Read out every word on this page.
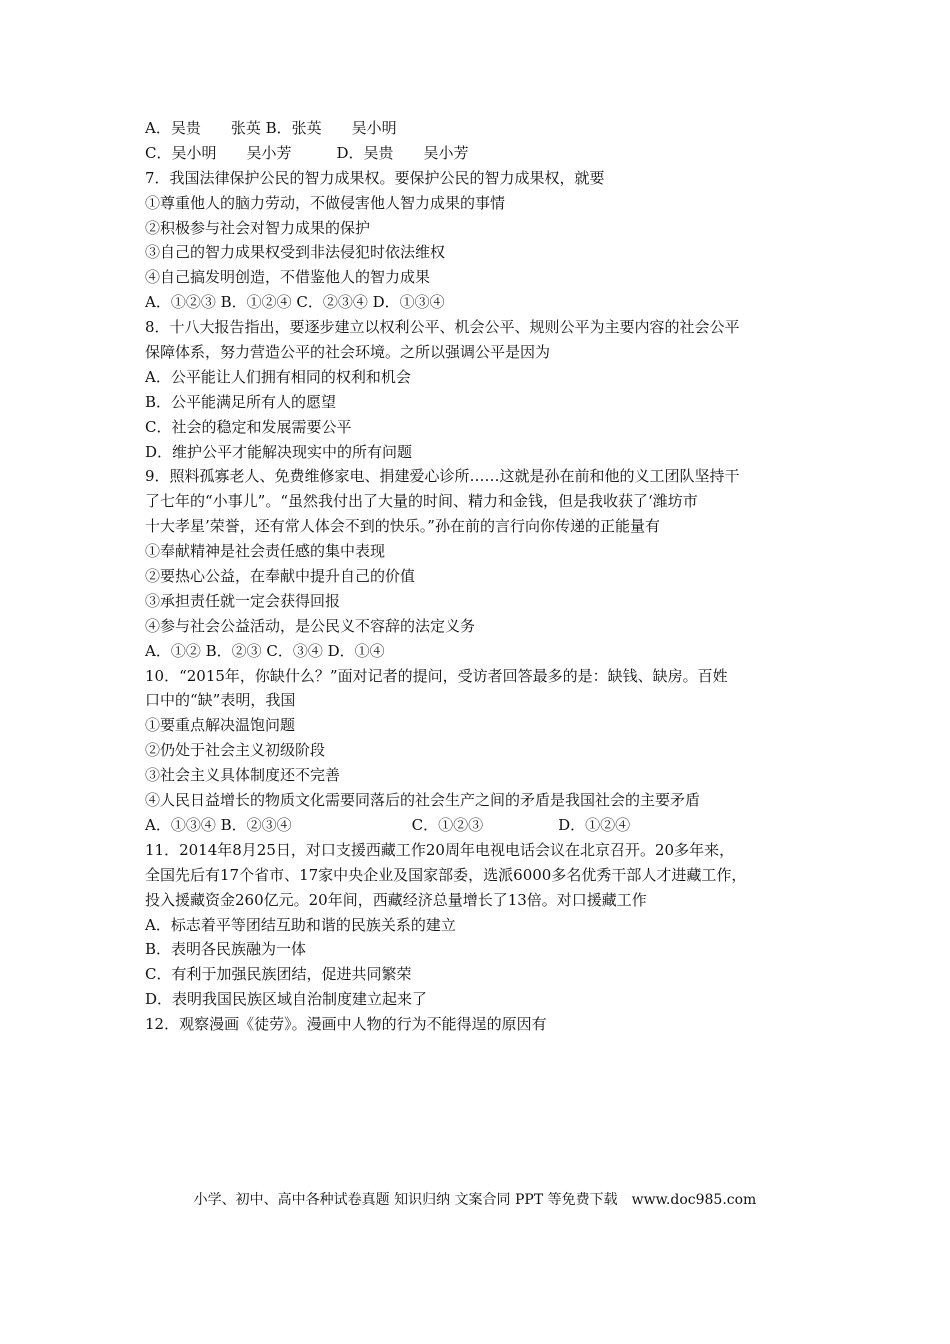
A．吴贵　　张英 B．张英　　吴小明
C．吴小明　　吴小芳　　　D．吴贵　　吴小芳
7．我国法律保护公民的智力成果权。要保护公民的智力成果权，就要
①尊重他人的脑力劳动，不做侵害他人智力成果的事情
②积极参与社会对智力成果的保护
③自己的智力成果权受到非法侵犯时依法维权
④自己搞发明创造，不借鉴他人的智力成果
A．①②③ B．①②④ C．②③④ D．①③④
8．十八大报告指出，要逐步建立以权利公平、机会公平、规则公平为主要内容的社会公平
保障体系，努力营造公平的社会环境。之所以强调公平是因为
A．公平能让人们拥有相同的权利和机会
B．公平能满足所有人的愿望
C．社会的稳定和发展需要公平
D．维护公平才能解决现实中的所有问题
9．照料孤寡老人、免费维修家电、捐建爱心诊所……这就是孙在前和他的义工团队坚持干
了七年的“小事儿”。“虽然我付出了大量的时间、精力和金钱，但是我收获了‘潍坊市
十大孝星’荣誉，还有常人体会不到的快乐。”孙在前的言行向你传递的正能量有
①奉献精神是社会责任感的集中表现
②要热心公益，在奉献中提升自己的价值
③承担责任就一定会获得回报
④参与社会公益活动，是公民义不容辞的法定义务
A．①② B．②③ C．③④ D．①④
10．“2015年，你缺什么？”面对记者的提问，受访者回答最多的是：缺钱、缺房。百姓
口中的“缺”表明，我国
①要重点解决温饱问题
②仍处于社会主义初级阶段
③社会主义具体制度还不完善
④人民日益增长的物质文化需要同落后的社会生产之间的矛盾是我国社会的主要矛盾
A．①③④ B．②③④　　　　　　　　C．①②③　　　　　D．①②④
11．2014年8月25日，对口支援西藏工作20周年电视电话会议在北京召开。20多年来，
全国先后有17个省市、17家中央企业及国家部委，选派6000多名优秀干部人才进藏工作，
投入援藏资金260亿元。20年间，西藏经济总量增长了13倍。对口援藏工作
A．标志着平等团结互助和谐的民族关系的建立
B．表明各民族融为一体
C．有利于加强民族团结，促进共同繁荣
D．表明我国民族区域自治制度建立起来了
12．观察漫画《徒劳》。漫画中人物的行为不能得逞的原因有
小学、初中、高中各种试卷真题 知识归纳 文案合同 PPT 等免费下载　www.doc985.com
